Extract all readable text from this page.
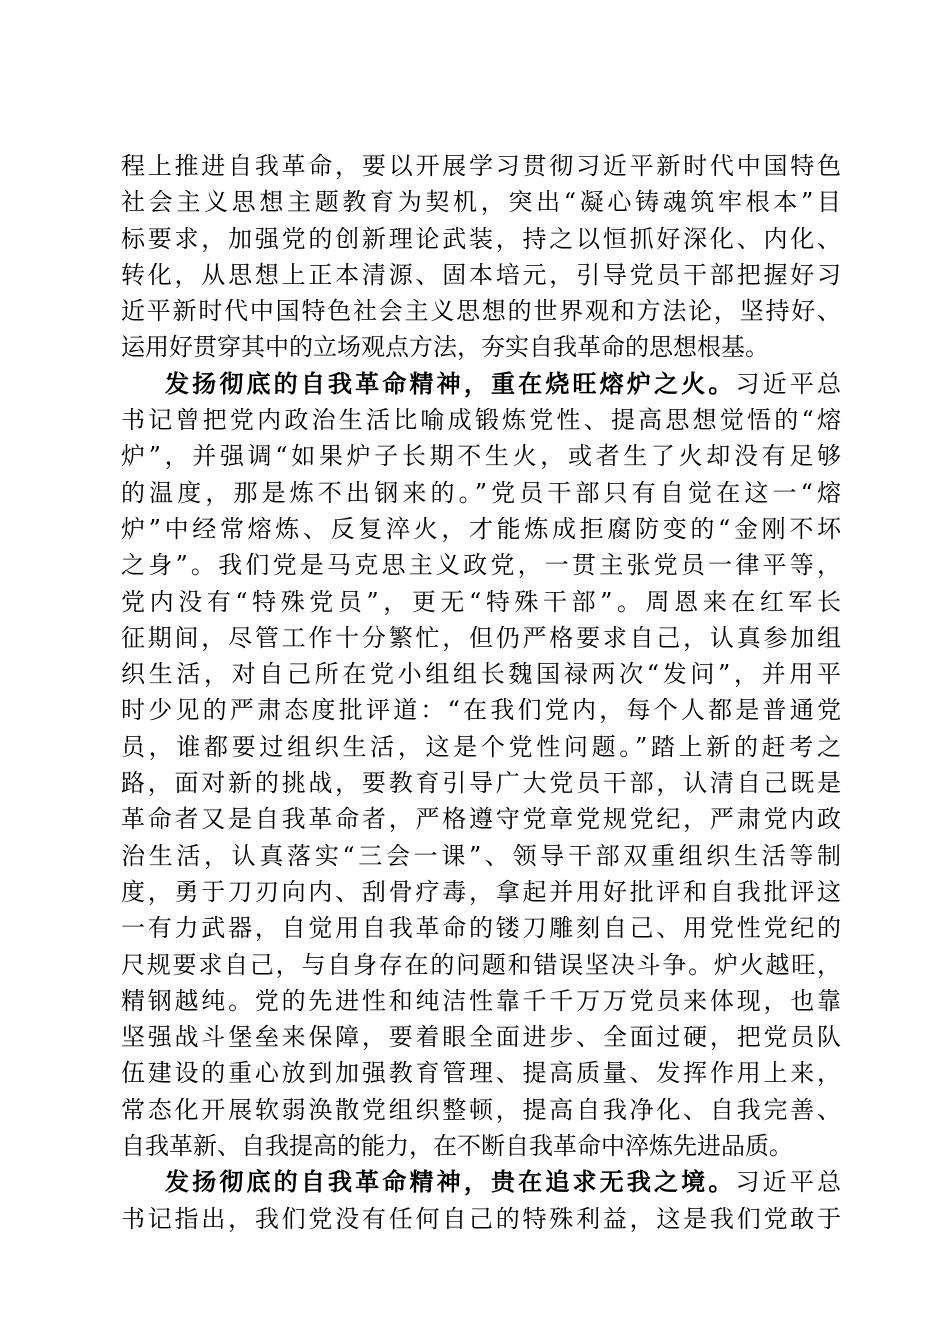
程上推进自我革命，要以开展学习贯彻习近平新时代中国特色
社会主义思想主题教育为契机，突出“凝心铸魂筑牢根本”目
标要求，加强党的创新理论武装，持之以恒抓好深化、内化、
转化，从思想上正本清源、固本培元，引导党员干部把握好习
近平新时代中国特色社会主义思想的世界观和方法论，坚持好、
运用好贯穿其中的立场观点方法，夯实自我革命的思想根基。
发扬彻底的自我革命精神，重在烧旺熔炉之火。习近平总
书记曾把党内政治生活比喻成锻炼党性、提高思想觉悟的“熔
炉”，并强调“如果炉子长期不生火，或者生了火却没有足够
的温度，那是炼不出钢来的。”党员干部只有自觉在这一“熔
炉”中经常熔炼、反复淬火，才能炼成拒腐防变的“金刚不坏
之身”。我们党是马克思主义政党，一贯主张党员一律平等，
党内没有“特殊党员”，更无“特殊干部”。周恩来在红军长
征期间，尽管工作十分繁忙，但仍严格要求自己，认真参加组
织生活，对自己所在党小组组长魏国禄两次“发问”，并用平
时少见的严肃态度批评道：“在我们党内，每个人都是普通党
员，谁都要过组织生活，这是个党性问题。”踏上新的赶考之
路，面对新的挑战，要教育引导广大党员干部，认清自己既是
革命者又是自我革命者，严格遵守党章党规党纪，严肃党内政
治生活，认真落实“三会一课”、领导干部双重组织生活等制
度，勇于刀刃向内、刮骨疗毒，拿起并用好批评和自我批评这
一有力武器，自觉用自我革命的镂刀雕刻自己、用党性党纪的
尺规要求自己，与自身存在的问题和错误坚决斗争。炉火越旺，
精钢越纯。党的先进性和纯洁性靠千千万万党员来体现，也靠
坚强战斗堡垒来保障，要着眼全面进步、全面过硬，把党员队
伍建设的重心放到加强教育管理、提高质量、发挥作用上来，
常态化开展软弱涣散党组织整顿，提高自我净化、自我完善、
自我革新、自我提高的能力，在不断自我革命中淬炼先进品质。
发扬彻底的自我革命精神，贵在追求无我之境。习近平总
书记指出，我们党没有任何自己的特殊利益，这是我们党敢于
